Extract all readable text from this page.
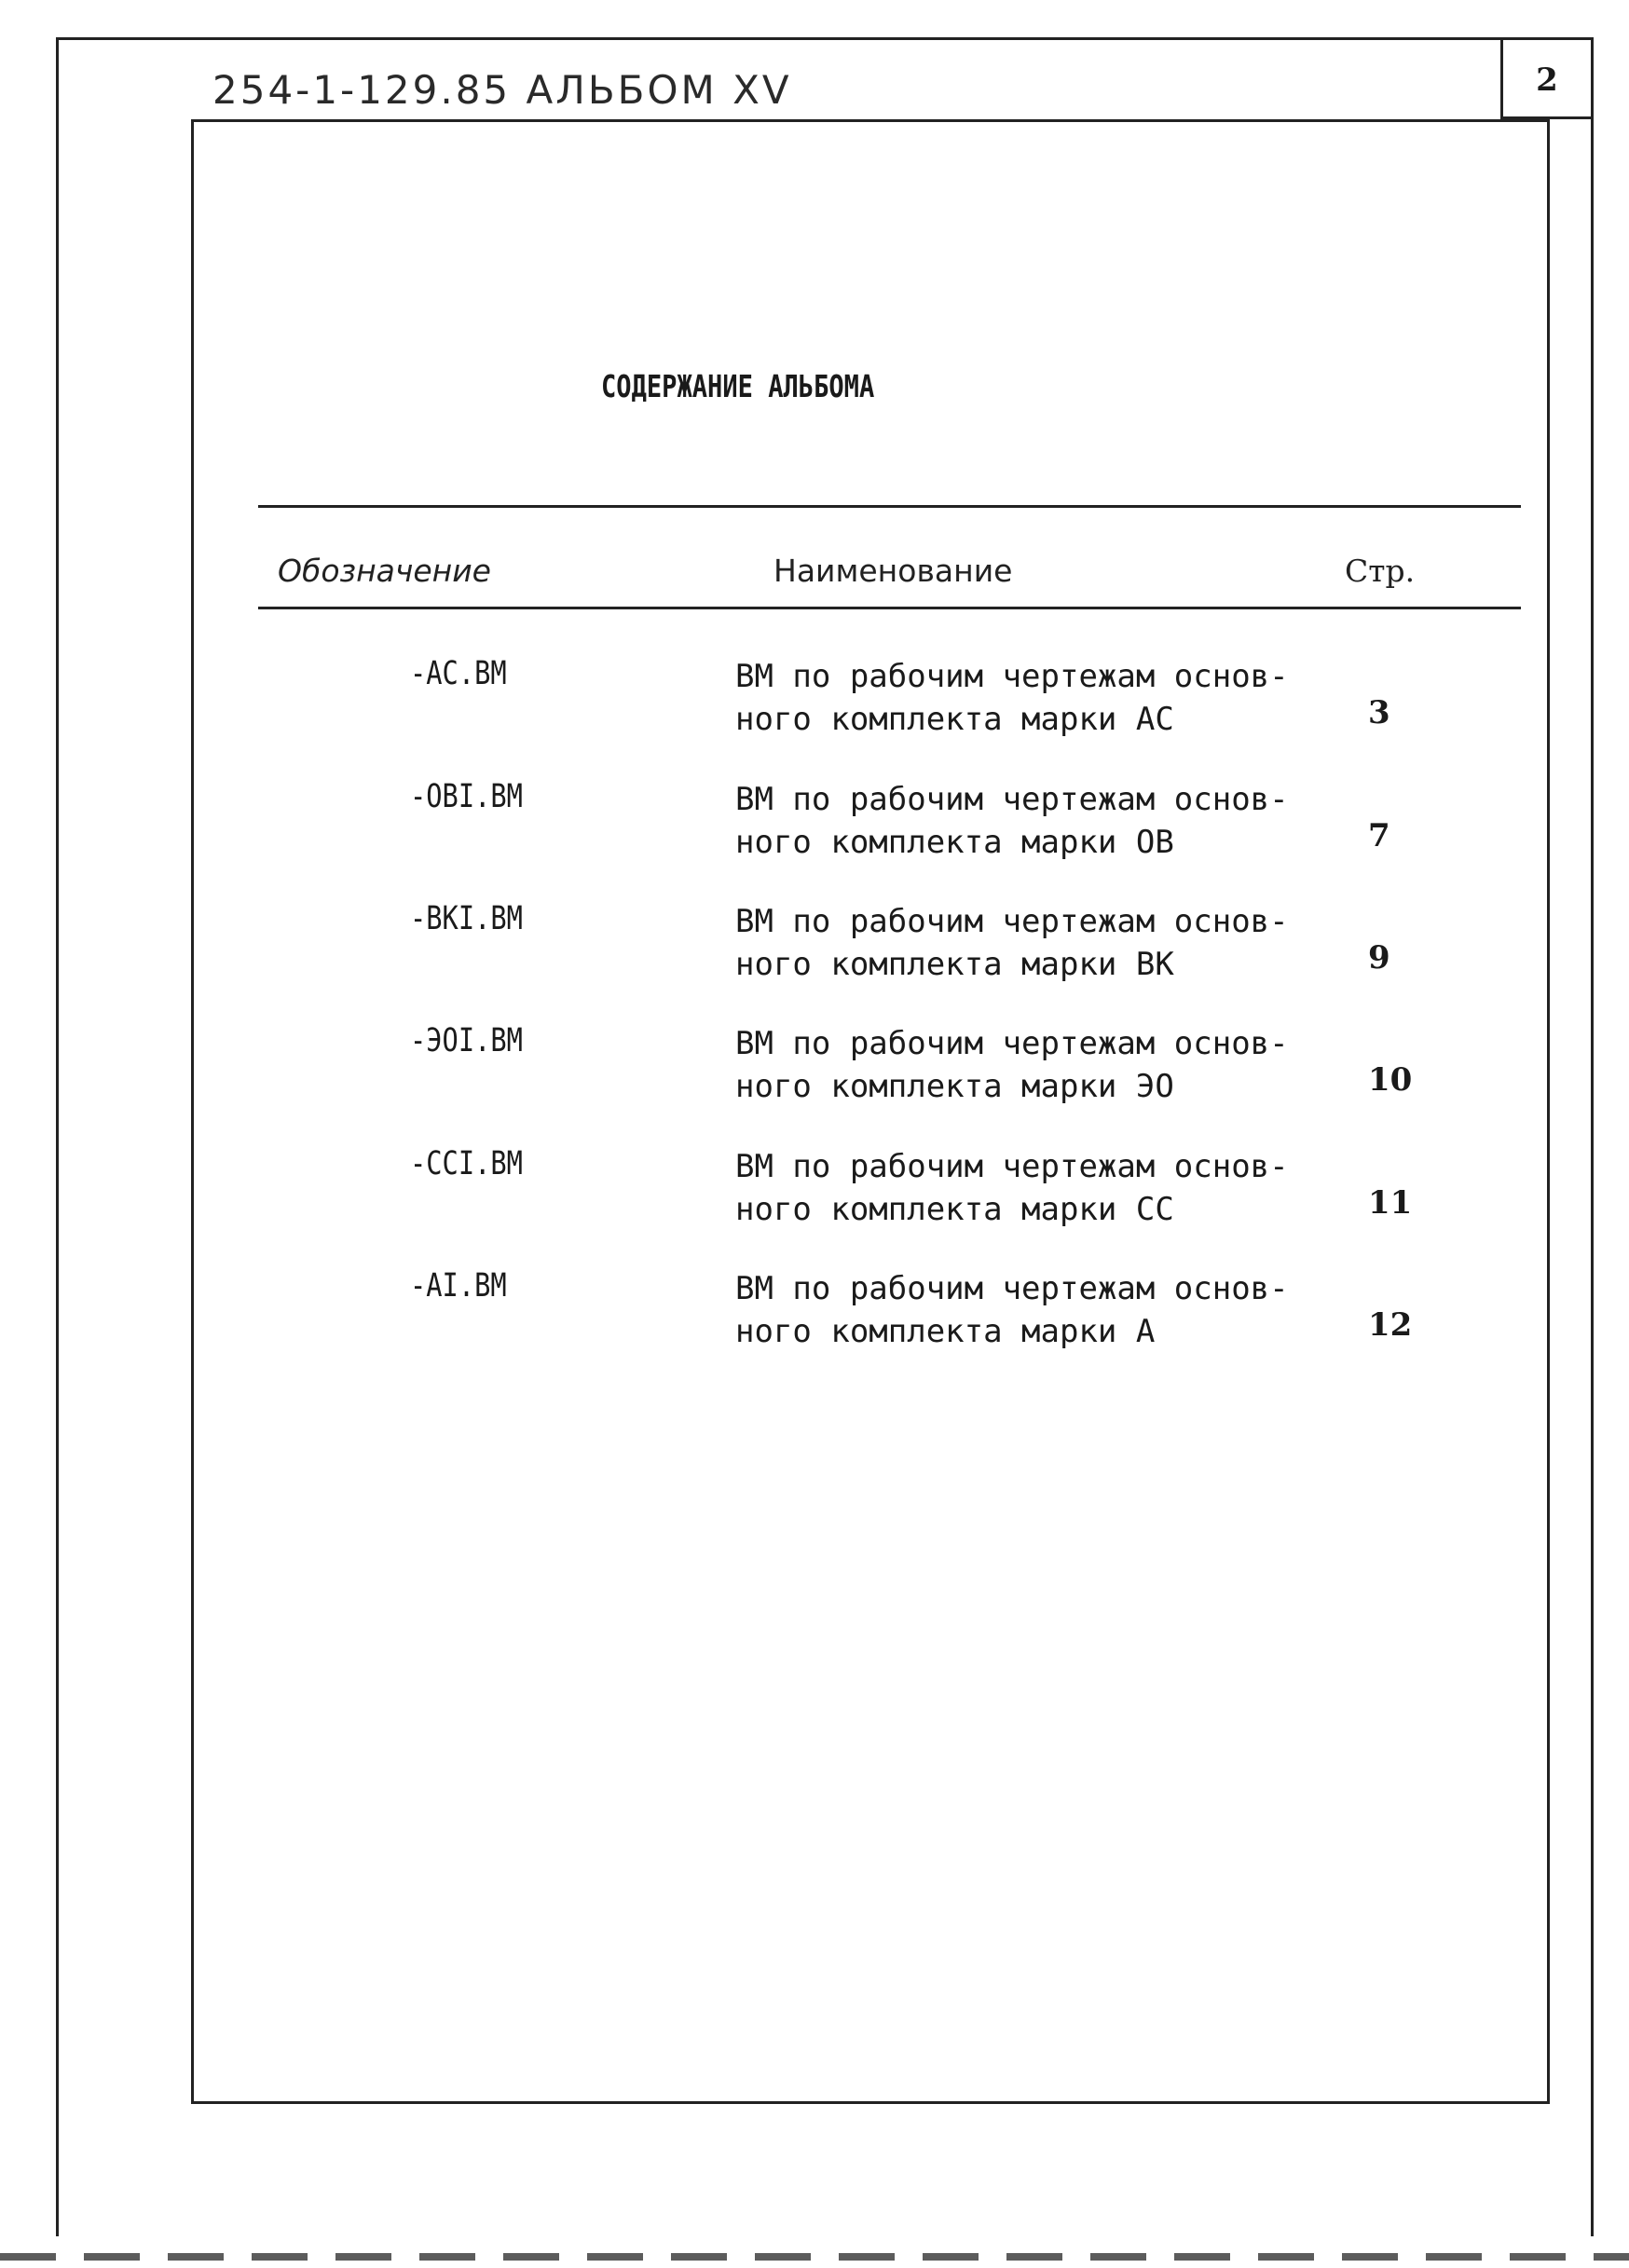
2
254-1-129.85 АЛЬБОМ XV
СОДЕРЖАНИЕ АЛЬБОМА
Обозначение	Наименование	Стр.
-АС.ВМ	ВМ по рабочим чертежам основ-
ного комплекта марки АС	3
-ОВI.ВМ	ВМ по рабочим чертежам основ-
ного комплекта марки ОВ	7
-ВКI.ВМ	ВМ по рабочим чертежам основ-
ного комплекта марки ВК	9
-ЭОI.ВМ	ВМ по рабочим чертежам основ-
ного комплекта марки ЭО	10
-ССI.ВМ	ВМ по рабочим чертежам основ-
ного комплекта марки СС	11
-АI.ВМ	ВМ по рабочим чертежам основ-
ного комплекта марки А	12
